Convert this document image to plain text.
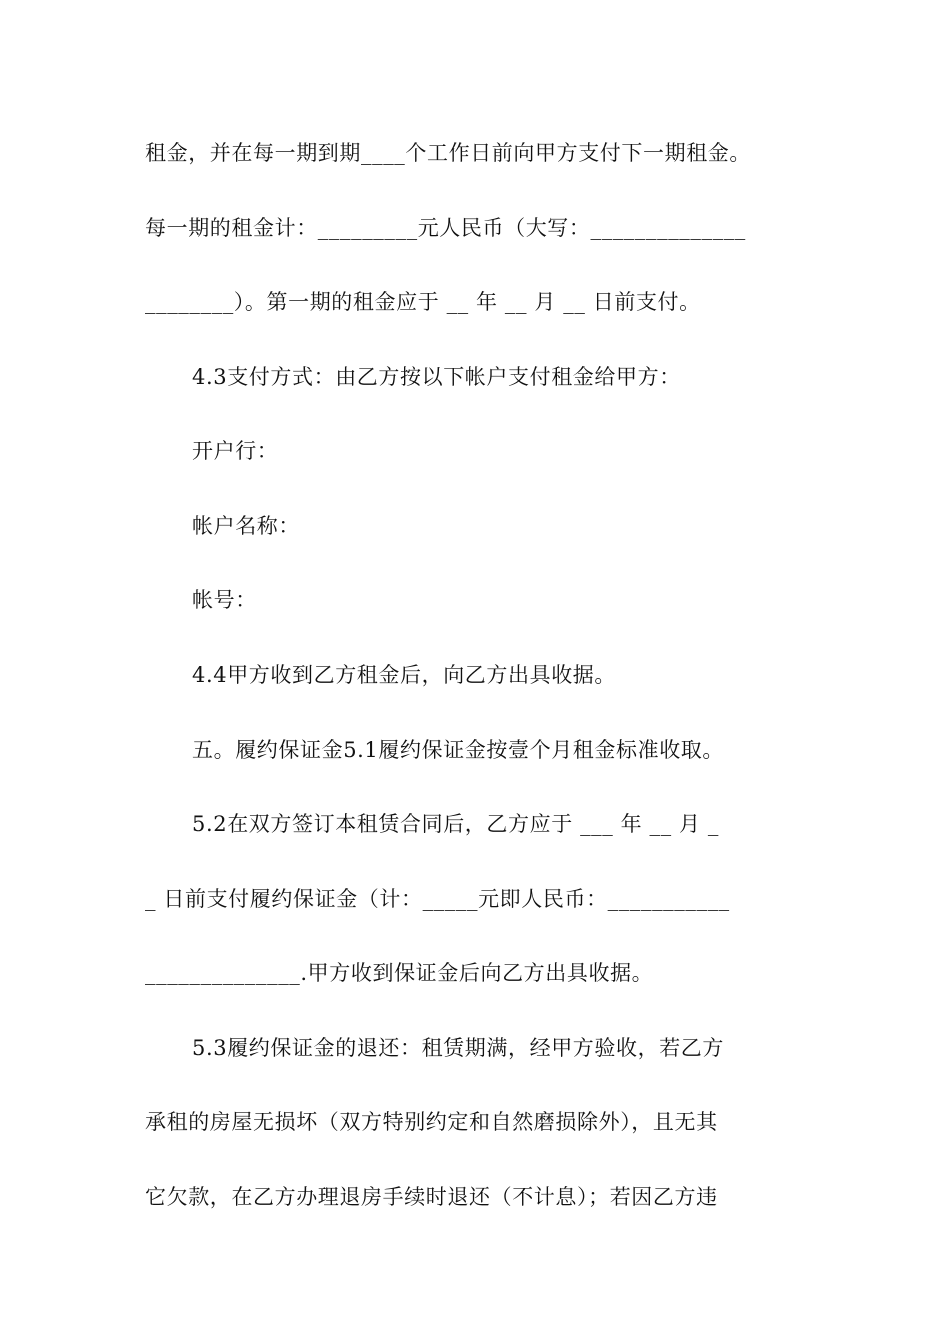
租金，并在每一期到期____个工作日前向甲方支付下一期租金。
每一期的租金计：_________元人民币（大写：______________
________）。第一期的租金应于 __ 年 __ 月 __ 日前支付。
4.3支付方式：由乙方按以下帐户支付租金给甲方：
开户行：
帐户名称：
帐号：
4.4甲方收到乙方租金后，向乙方出具收据。
五。履约保证金5.1履约保证金按壹个月租金标准收取。
5.2在双方签订本租赁合同后，乙方应于 ___ 年 __ 月 _
_ 日前支付履约保证金（计：_____元即人民币：___________
______________.甲方收到保证金后向乙方出具收据。
5.3履约保证金的退还：租赁期满，经甲方验收，若乙方
承租的房屋无损坏（双方特别约定和自然磨损除外），且无其
它欠款，在乙方办理退房手续时退还（不计息）；若因乙方违
